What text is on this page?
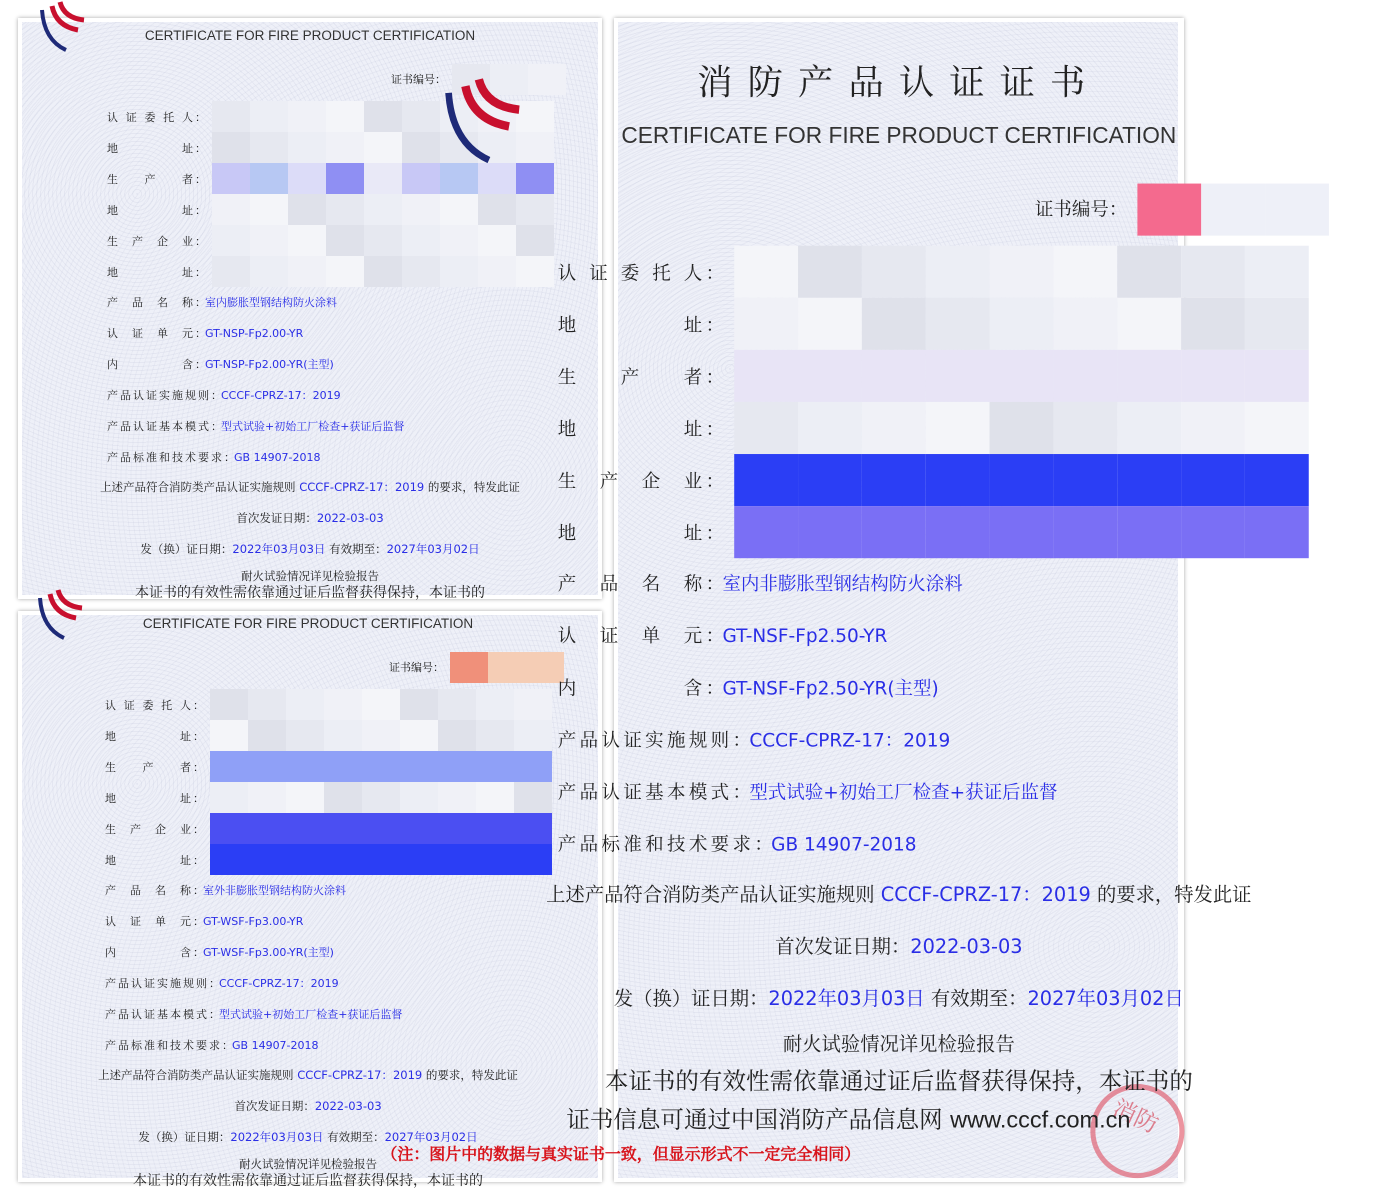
CERTIFICATE FOR FIRE PRODUCT CERTIFICATION
证书编号：
认证委托人：
地址：
生产者：
地址：
生产企业：
地址：
产品名称：室内膨胀型钢结构防火涂料
认证单元：GT-NSP-Fp2.00-YR
内含：GT-NSP-Fp2.00-YR(主型)
产品认证实施规则：CCCF-CPRZ-17：2019
产品认证基本模式：型式试验+初始工厂检查+获证后监督
产品标准和技术要求：GB 14907-2018
上述产品符合消防类产品认证实施规则 CCCF-CPRZ-17：2019 的要求，特发此证
首次发证日期：2022-03-03
发（换）证日期：2022年03月03日 有效期至：2027年03月02日
耐火试验情况详见检验报告
本证书的有效性需依靠通过证后监督获得保持，本证书的
CERTIFICATE FOR FIRE PRODUCT CERTIFICATION
证书编号：
认证委托人：
地址：
生产者：
地址：
生产企业：
地址：
产品名称：室外非膨胀型钢结构防火涂料
认证单元：GT-WSF-Fp3.00-YR
内含：GT-WSF-Fp3.00-YR(主型)
产品认证实施规则：CCCF-CPRZ-17：2019
产品认证基本模式：型式试验+初始工厂检查+获证后监督
产品标准和技术要求：GB 14907-2018
上述产品符合消防类产品认证实施规则 CCCF-CPRZ-17：2019 的要求，特发此证
首次发证日期：2022-03-03
发（换）证日期：2022年03月03日 有效期至：2027年03月02日
耐火试验情况详见检验报告
本证书的有效性需依靠通过证后监督获得保持，本证书的
消防
消防产品认证证书
CERTIFICATE FOR FIRE PRODUCT CERTIFICATION
证书编号：
认证委托人：
地址：
生产者：
地址：
生产企业：
地址：
产品名称：室内非膨胀型钢结构防火涂料
认证单元：GT-NSF-Fp2.50-YR
内含：GT-NSF-Fp2.50-YR(主型)
产品认证实施规则：CCCF-CPRZ-17：2019
产品认证基本模式：型式试验+初始工厂检查+获证后监督
产品标准和技术要求：GB 14907-2018
上述产品符合消防类产品认证实施规则 CCCF-CPRZ-17：2019 的要求，特发此证
首次发证日期：2022-03-03
发（换）证日期：2022年03月03日 有效期至：2027年03月02日
耐火试验情况详见检验报告
本证书的有效性需依靠通过证后监督获得保持，本证书的
证书信息可通过中国消防产品信息网 www.cccf.com.cn
（注：图片中的数据与真实证书一致，但显示形式不一定完全相同）
